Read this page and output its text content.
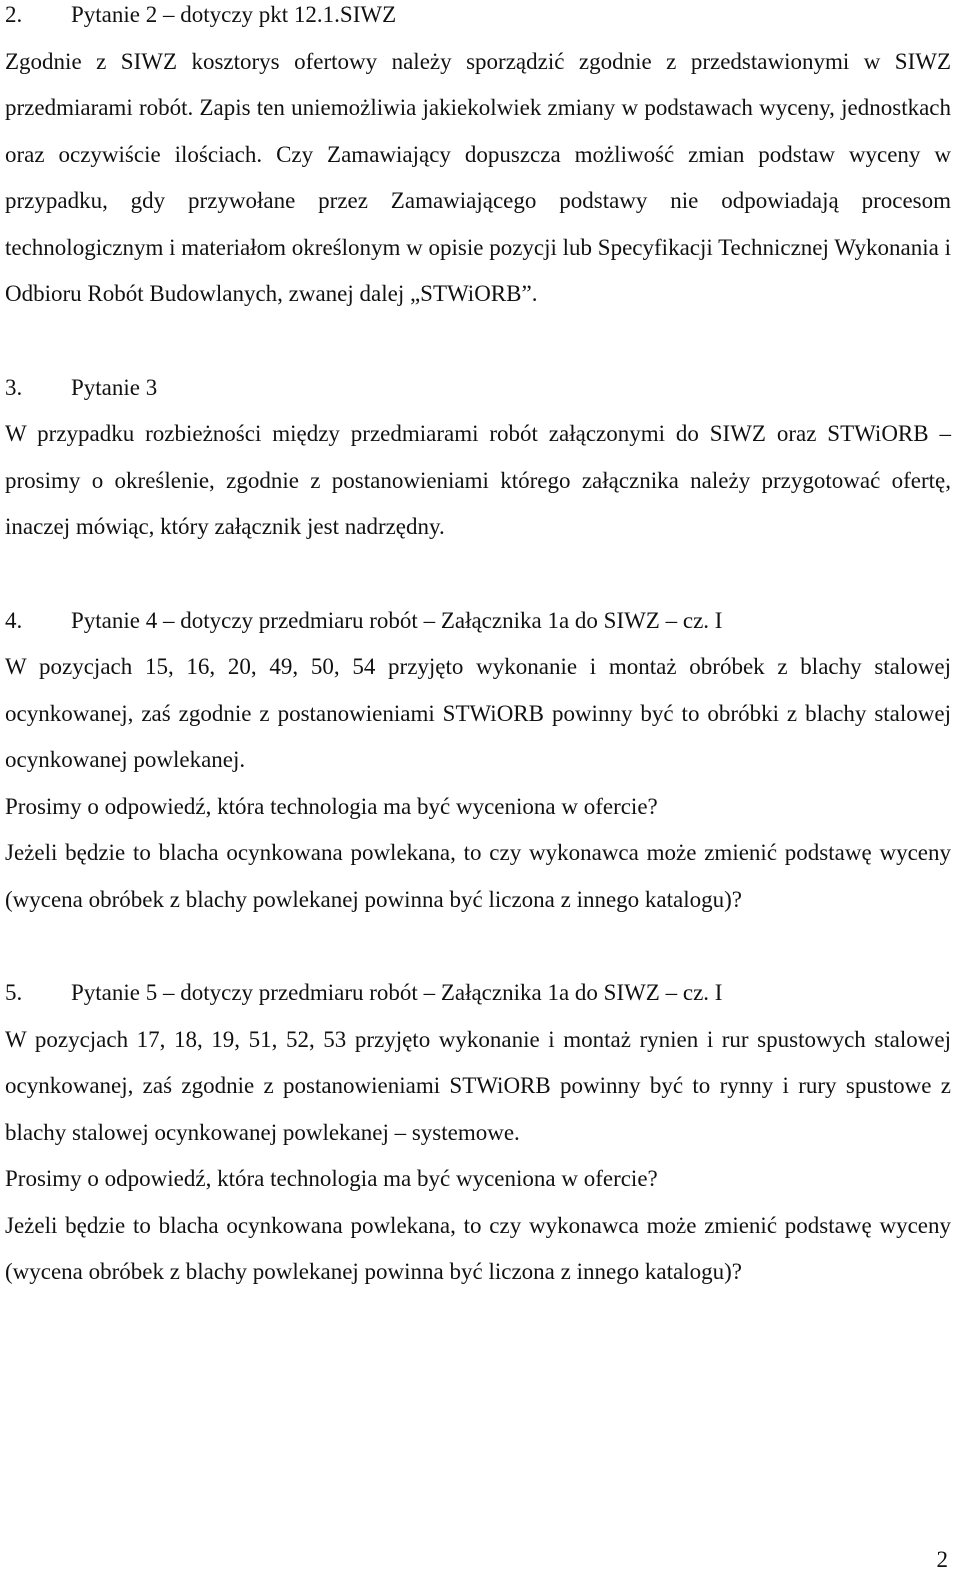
2.	Pytanie 2 – dotyczy pkt 12.1.SIWZ

Zgodnie z SIWZ kosztorys ofertowy należy sporządzić zgodnie z przedstawionymi w SIWZ przedmiarami robót. Zapis ten uniemożliwia jakiekolwiek zmiany w podstawach wyceny, jednostkach oraz oczywiście ilościach. Czy Zamawiający dopuszcza możliwość zmian podstaw wyceny w przypadku, gdy przywołane przez Zamawiającego podstawy nie odpowiadają procesom technologicznym i materiałom określonym w opisie pozycji lub Specyfikacji Technicznej Wykonania i Odbioru Robót Budowlanych, zwanej dalej „STWiORB”.

3.	Pytanie 3

W przypadku rozbieżności między przedmiarami robót załączonymi do SIWZ oraz STWiORB – prosimy o określenie, zgodnie z postanowieniami którego załącznika należy przygotować ofertę, inaczej mówiąc, który załącznik jest nadrzędny.

4.	Pytanie 4 – dotyczy przedmiaru robót – Załącznika 1a do SIWZ – cz. I

W pozycjach 15, 16, 20, 49, 50, 54 przyjęto wykonanie i montaż obróbek z blachy stalowej ocynkowanej, zaś zgodnie z postanowieniami STWiORB powinny być to obróbki z blachy stalowej ocynkowanej powlekanej.

Prosimy o odpowiedź, która technologia ma być wyceniona w ofercie?

Jeżeli będzie to blacha ocynkowana powlekana, to czy wykonawca może zmienić podstawę wyceny (wycena obróbek z blachy powlekanej powinna być liczona z innego katalogu)?

5.	Pytanie 5 – dotyczy przedmiaru robót – Załącznika 1a do SIWZ – cz. I

W pozycjach 17, 18, 19, 51, 52, 53 przyjęto wykonanie i montaż rynien i rur spustowych stalowej ocynkowanej, zaś zgodnie z postanowieniami STWiORB powinny być to rynny i rury spustowe z blachy stalowej ocynkowanej powlekanej – systemowe.

Prosimy o odpowiedź, która technologia ma być wyceniona w ofercie?

Jeżeli będzie to blacha ocynkowana powlekana, to czy wykonawca może zmienić podstawę wyceny (wycena obróbek z blachy powlekanej powinna być liczona z innego katalogu)?

2
